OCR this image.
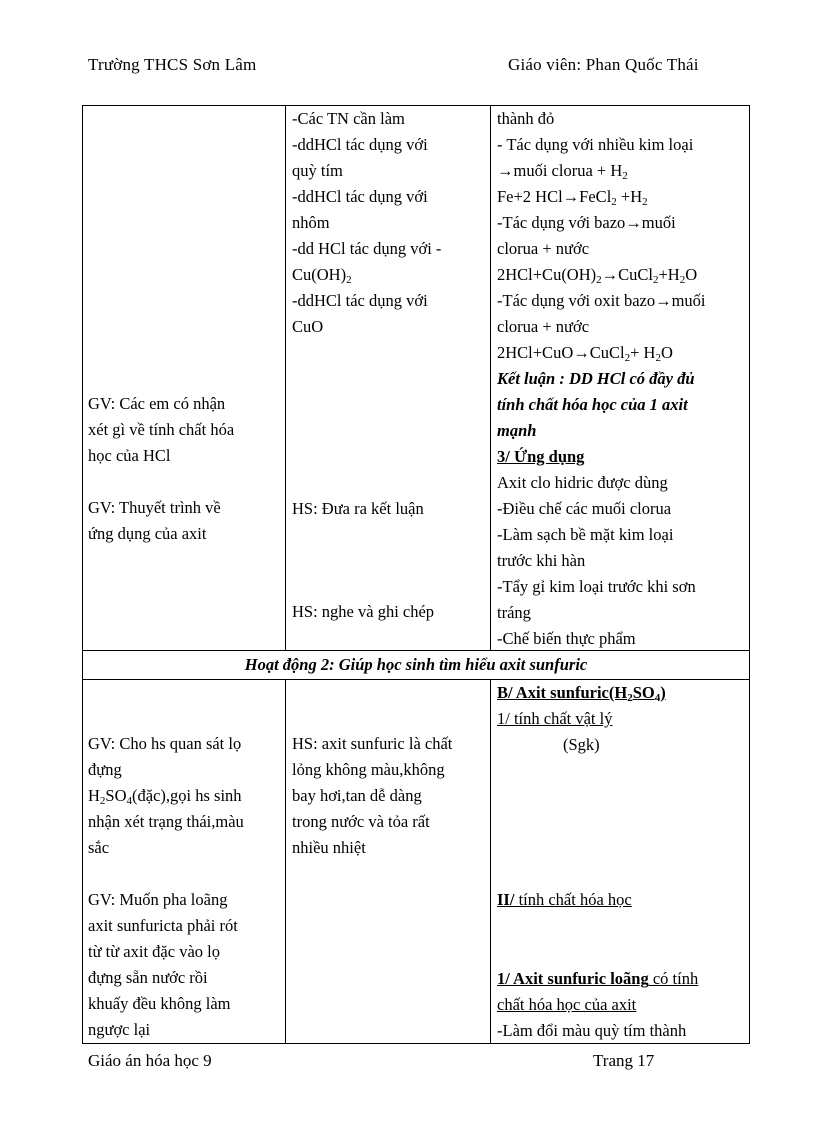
Trường THCS Sơn Lâm	Giáo viên: Phan Quốc Thái
Giáo án hóa học 9	Trang 17
GV: Các em có nhận
xét gì về tính chất hóa
học của HCl
GV: Thuyết trình về
ứng dụng của axit
-Các TN cần làm
-ddHCl tác dụng với
quỳ tím
-ddHCl tác dụng với
nhôm
-dd HCl tác dụng với -
$Cu(OH)_2$
-ddHCl tác dụng với
CuO
HS: Đưa ra kết luận
HS: nghe và ghi chép
thành đỏ
- Tác dụng với nhiều kim loại
→muối clorua + $H_2$
Fe+2 HCl→FeCl$_2$ $+H_2$
-Tác dụng với bazo→muối
clorua + nước
$2HCl+Cu(OH)_2\to CuCl_2+H_2O$
-Tác dụng với oxit bazo→muối
clorua + nước
2HCl+CuO→CuCl$_2$+ $H_2O$
Kết luận : DD HCl có đầy đủ
tính chất hóa học của 1 axit
mạnh
3/ Ứng dụng
Axit clo hidric được dùng
-Điều chế các muối clorua
-Làm sạch bề mặt kim loại
trước khi hàn
-Tẩy gỉ kim loại trước khi sơn
tráng
-Chế biến thực phẩm
Hoạt động 2: Giúp học sinh tìm hiểu axit sunfuric
GV: Cho hs quan sát lọ
đựng
$H_2SO_4(đặc),gọi$ hs sinh
nhận xét trạng thái,màu
sắc
GV: Muốn pha loãng
axit sunfuricta phải rót
từ từ axit đặc vào lọ
đựng sẵn nước rồi
khuấy đều không làm
ngược lại
HS: axit sunfuric là chất
lỏng không màu,không
bay hơi,tan dễ dàng
trong nước và tỏa rất
nhiều nhiệt
B/ Axit $sunfuric(H_2SO_4)$
1/ tính chất vật lý
(Sgk)
II/ tính chất hóa học
1/ Axit sunfuric loãng có tính
chất hóa học của axit
-Làm đổi màu quỳ tím thành
